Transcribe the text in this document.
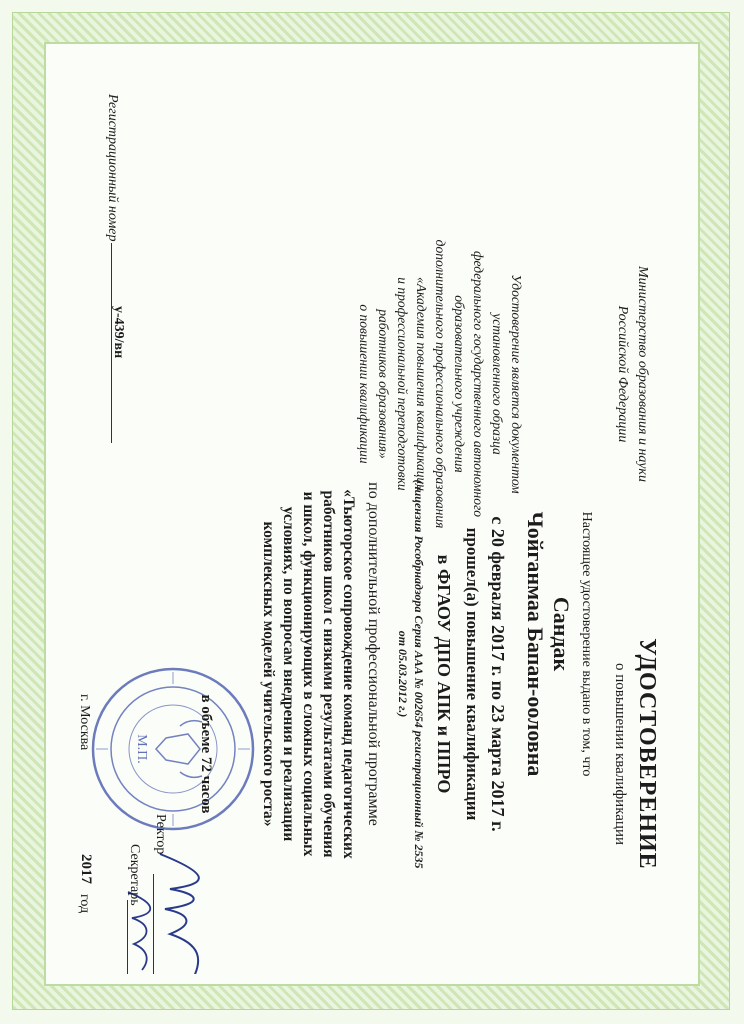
Министерство образования и науки
Российской Федерации
Удостоверение является документом
установленного образца
федерального государственного автономного
образовательного учреждения
дополнительного профессионального образования
«Академия повышения квалификации
и профессиональной переподготовки
работников образования»
о повышении квалификации
Регистрационный номер
у-439/вн
УДОСТОВЕРЕНИЕ
о повышении квалификации
Настоящее удостоверение выдано в том, что
Сандак
Чойганмаа Бапан-ооловна
с 20 февраля 2017 г. по 23 марта 2017 г.
прошел(а) повышение квалификации
в ФГАОУ ДПО АПК и ППРО
(лицензия Рособрнадзора Серия ААА № 002654 регистрационный № 2535
от 05.03.2012 г.)
по дополнительной профессиональной программе
«Тьюторское сопровождение команд педагогических
работников школ с низкими результатами обучения
и школ, функционирующих в сложных социальных
условиях, по вопросам внедрения и реализации
комплексных моделей учительского роста»
М.П.	в объеме 72 часов
Ректор
Секретарь
г. Москва
2017
год
